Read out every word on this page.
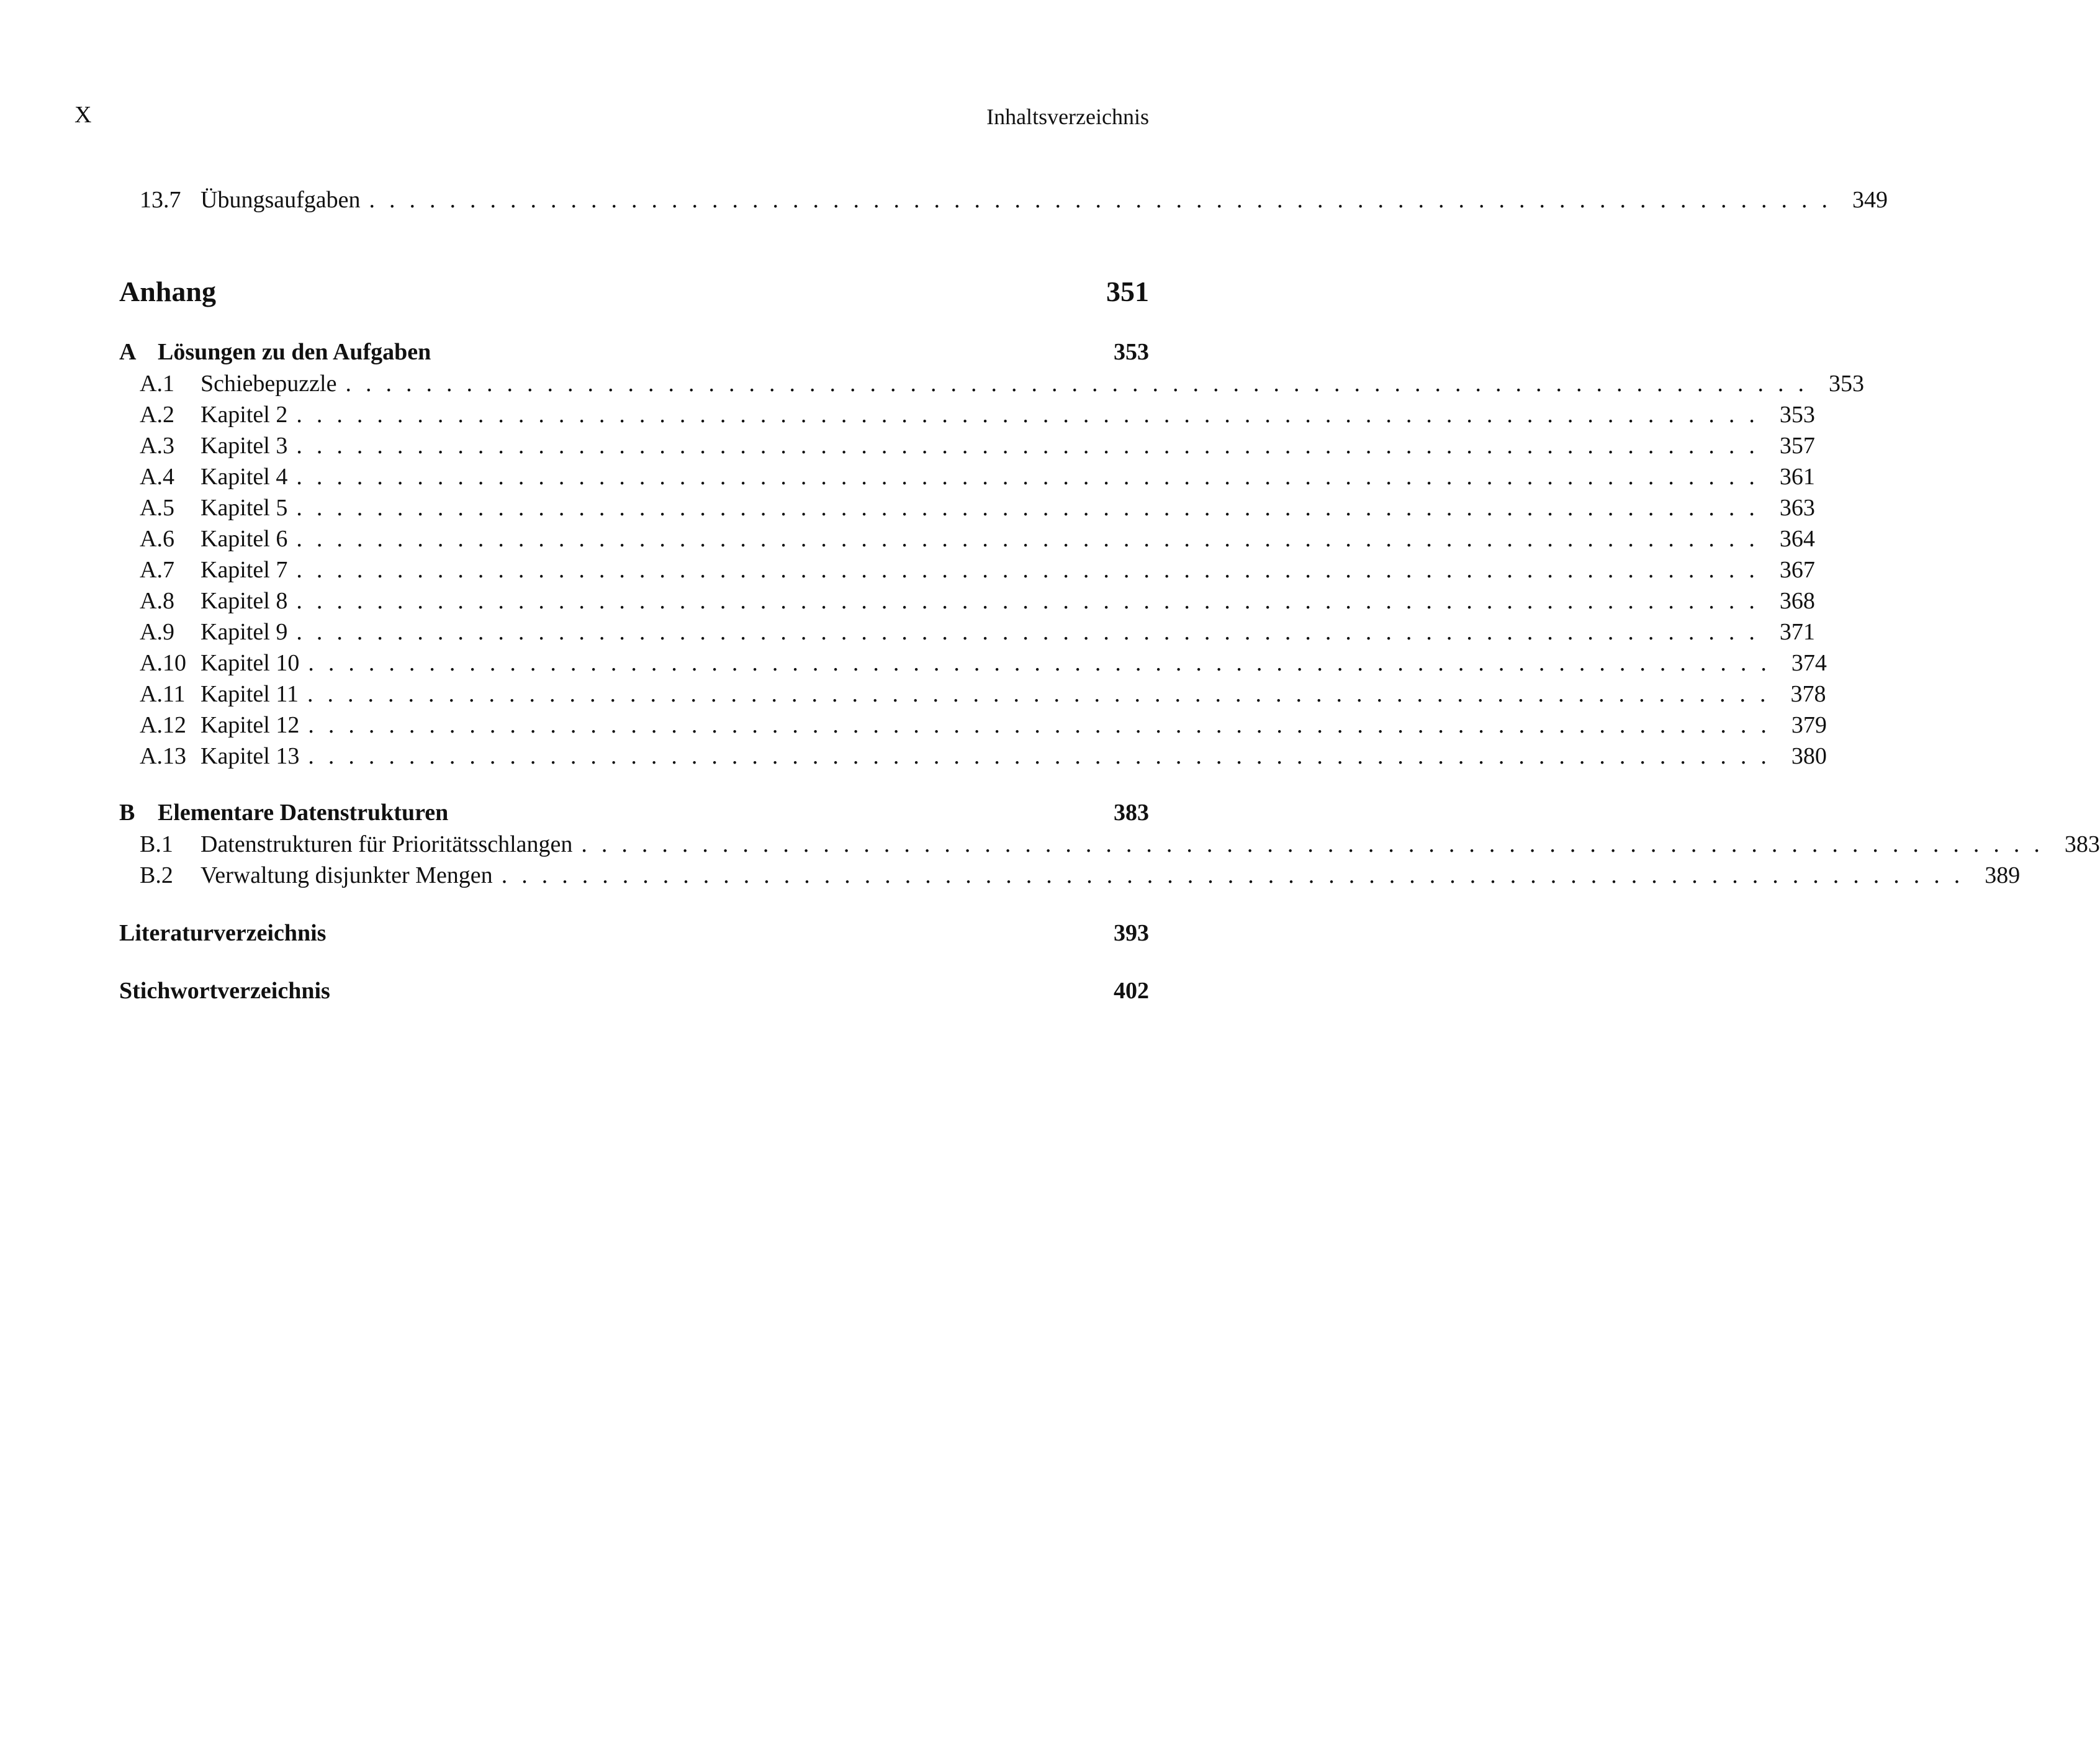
X	Inhaltsverzeichnis
13.7 Übungsaufgaben ......................................................................... 349
Anhang	351
A Lösungen zu den Aufgaben	353
A.1	Schiebepuzzle ......................................................................... 353
A.2	Kapitel 2 ......................................................................... 353
A.3	Kapitel 3 ......................................................................... 357
A.4	Kapitel 4 ......................................................................... 361
A.5	Kapitel 5 ......................................................................... 363
A.6	Kapitel 6 ......................................................................... 364
A.7	Kapitel 7 ......................................................................... 367
A.8	Kapitel 8 ......................................................................... 368
A.9	Kapitel 9 ......................................................................... 371
A.10 Kapitel 10 ......................................................................... 374
A.11 Kapitel 11 ......................................................................... 378
A.12 Kapitel 12 ......................................................................... 379
A.13 Kapitel 13 ......................................................................... 380
B Elementare Datenstrukturen	383
B.1	Datenstrukturen für Prioritätsschlangen ......................................................................... 383
B.2	Verwaltung disjunkter Mengen ......................................................................... 389
Literaturverzeichnis	393
Stichwortverzeichnis	402
